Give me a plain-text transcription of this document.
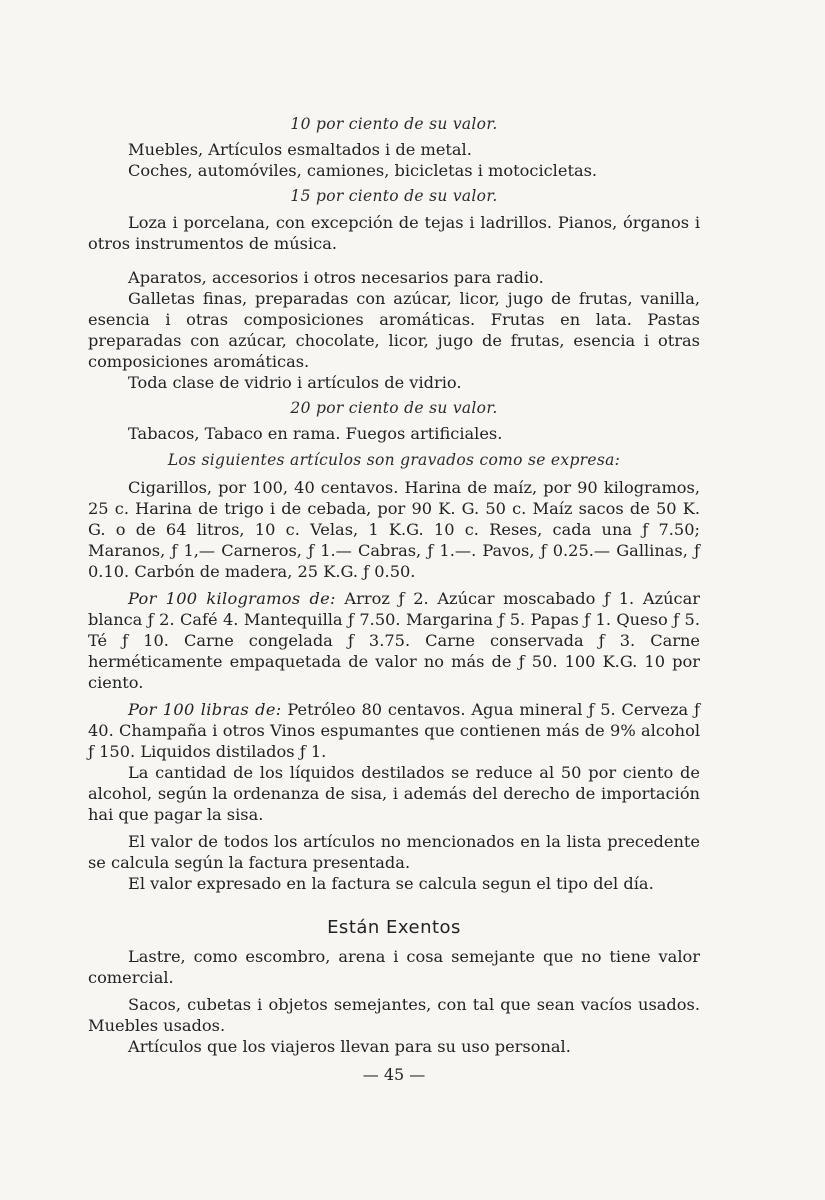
10 por ciento de su valor.

Muebles, Artículos esmaltados i de metal.

Coches, automóviles, camiones, bicicletas i motocicletas.

15 por ciento de su valor.

Loza i porcelana, con excepción de tejas i ladrillos. Pianos, órganos i otros instrumentos de música.

Aparatos, accesorios i otros necesarios para radio.

Galletas finas, preparadas con azúcar, licor, jugo de frutas, vanilla, esencia i otras composiciones aromáticas. Frutas en lata. Pastas preparadas con azúcar, chocolate, licor, jugo de frutas, esencia i otras composiciones aromáticas.

Toda clase de vidrio i artículos de vidrio.

20 por ciento de su valor.

Tabacos, Tabaco en rama. Fuegos artificiales.

Los siguientes artículos son gravados como se expresa:

Cigarillos, por 100, 40 centavos. Harina de maíz, por 90 kilogramos, 25 c. Harina de trigo i de cebada, por 90 K. G. 50 c. Maíz sacos de 50 K. G. o de 64 litros, 10 c. Velas, 1 K.G. 10 c. Reses, cada una ƒ 7.50; Maranos, ƒ 1,— Carneros, ƒ 1.— Cabras, ƒ 1.—. Pavos, ƒ 0.25.— Gallinas, ƒ 0.10. Carbón de madera, 25 K.G. ƒ 0.50.

Por 100 kilogramos de: Arroz ƒ 2. Azúcar moscabado ƒ 1. Azúcar blanca ƒ 2. Café 4. Mantequilla ƒ 7.50. Margarina ƒ 5. Papas ƒ 1. Queso ƒ 5. Té ƒ 10. Carne congelada ƒ 3.75. Carne conservada ƒ 3. Carne herméticamente empaquetada de valor no más de ƒ 50. 100 K.G. 10 por ciento.

Por 100 libras de: Petróleo 80 centavos. Agua mineral ƒ 5. Cerveza ƒ 40. Champaña i otros Vinos espumantes que contienen más de 9% alcohol ƒ 150. Liquidos distilados ƒ 1.

La cantidad de los líquidos destilados se reduce al 50 por ciento de alcohol, según la ordenanza de sisa, i además del derecho de importación hai que pagar la sisa.

El valor de todos los artículos no mencionados en la lista precedente se calcula según la factura presentada.

El valor expresado en la factura se calcula segun el tipo del día.

Están Exentos

Lastre, como escombro, arena i cosa semejante que no tiene valor comercial.

Sacos, cubetas i objetos semejantes, con tal que sean vacíos usados. Muebles usados.

Artículos que los viajeros llevan para su uso personal.

— 45 —
